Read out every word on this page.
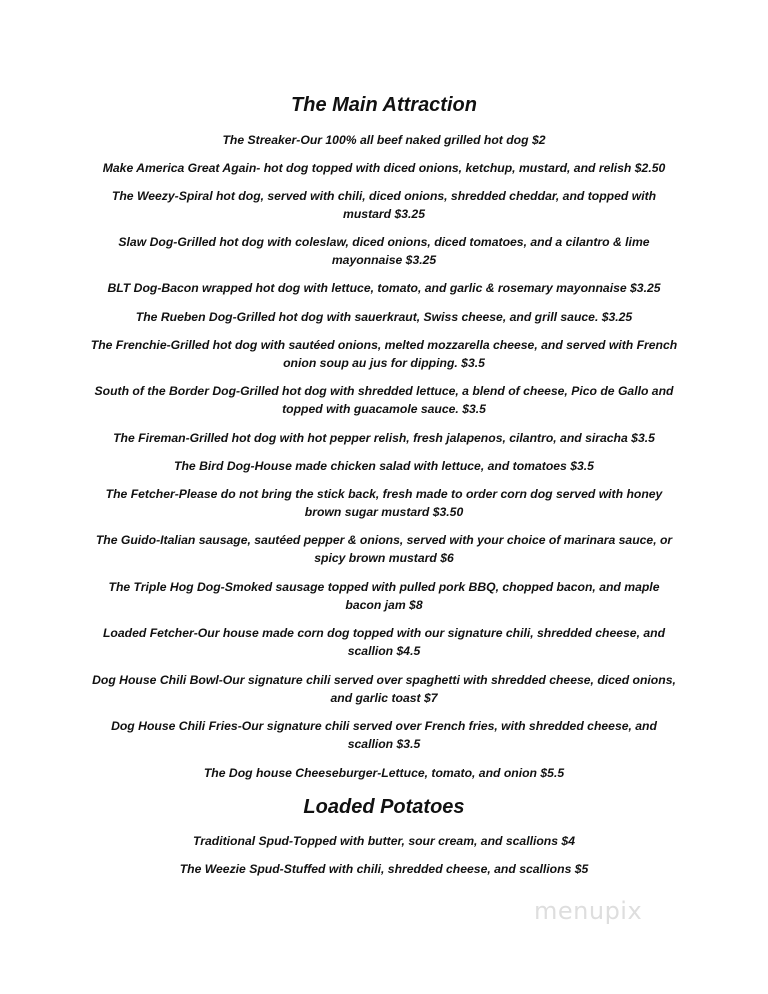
The Main Attraction

The Streaker-Our 100% all beef naked grilled hot dog $2

Make America Great Again- hot dog topped with diced onions, ketchup, mustard, and relish $2.50

The Weezy-Spiral hot dog, served with chili, diced onions, shredded cheddar, and topped with mustard $3.25

Slaw Dog-Grilled hot dog with coleslaw, diced onions, diced tomatoes, and a cilantro & lime mayonnaise $3.25

BLT Dog-Bacon wrapped hot dog with lettuce, tomato, and garlic & rosemary mayonnaise $3.25

The Rueben Dog-Grilled hot dog with sauerkraut, Swiss cheese, and grill sauce. $3.25

The Frenchie-Grilled hot dog with sautéed onions, melted mozzarella cheese, and served with French onion soup au jus for dipping. $3.5

South of the Border Dog-Grilled hot dog with shredded lettuce, a blend of cheese, Pico de Gallo and topped with guacamole sauce. $3.5

The Fireman-Grilled hot dog with hot pepper relish, fresh jalapenos, cilantro, and siracha $3.5

The Bird Dog-House made chicken salad with lettuce, and tomatoes $3.5

The Fetcher-Please do not bring the stick back, fresh made to order corn dog served with honey brown sugar mustard $3.50

The Guido-Italian sausage, sautéed pepper & onions, served with your choice of marinara sauce, or spicy brown mustard $6

The Triple Hog Dog-Smoked sausage topped with pulled pork BBQ, chopped bacon, and maple bacon jam $8

Loaded Fetcher-Our house made corn dog topped with our signature chili, shredded cheese, and scallion $4.5

Dog House Chili Bowl-Our signature chili served over spaghetti with shredded cheese, diced onions, and garlic toast $7

Dog House Chili Fries-Our signature chili served over French fries, with shredded cheese, and scallion $3.5

The Dog house Cheeseburger-Lettuce, tomato, and onion $5.5

Loaded Potatoes

Traditional Spud-Topped with butter, sour cream, and scallions $4

The Weezie Spud-Stuffed with chili, shredded cheese, and scallions $5

menupix
